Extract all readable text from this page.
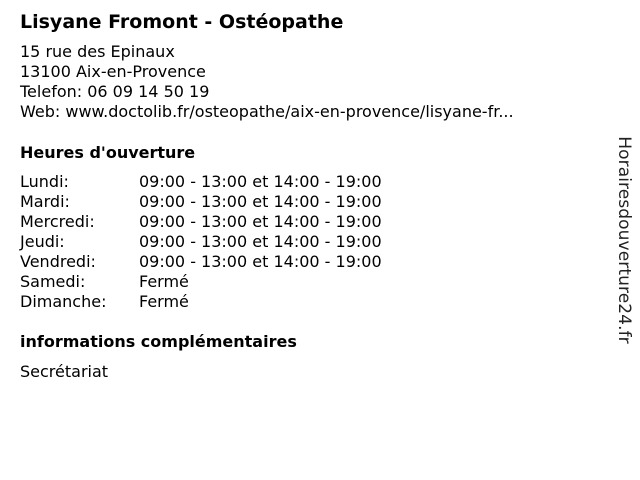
Lisyane Fromont - Ostéopathe
15 rue des Epinaux
13100 Aix-en-Provence
Telefon: 06 09 14 50 19
Web: www.doctolib.fr/osteopathe/aix-en-provence/lisyane-fr...
Heures d'ouverture
Lundi:	09:00 - 13:00 et 14:00 - 19:00
Mardi:	09:00 - 13:00 et 14:00 - 19:00
Mercredi:	09:00 - 13:00 et 14:00 - 19:00
Jeudi:	09:00 - 13:00 et 14:00 - 19:00
Vendredi:	09:00 - 13:00 et 14:00 - 19:00
Samedi:	Fermé
Dimanche:	Fermé
informations complémentaires
Secrétariat
Horairesdouverture24.fr
